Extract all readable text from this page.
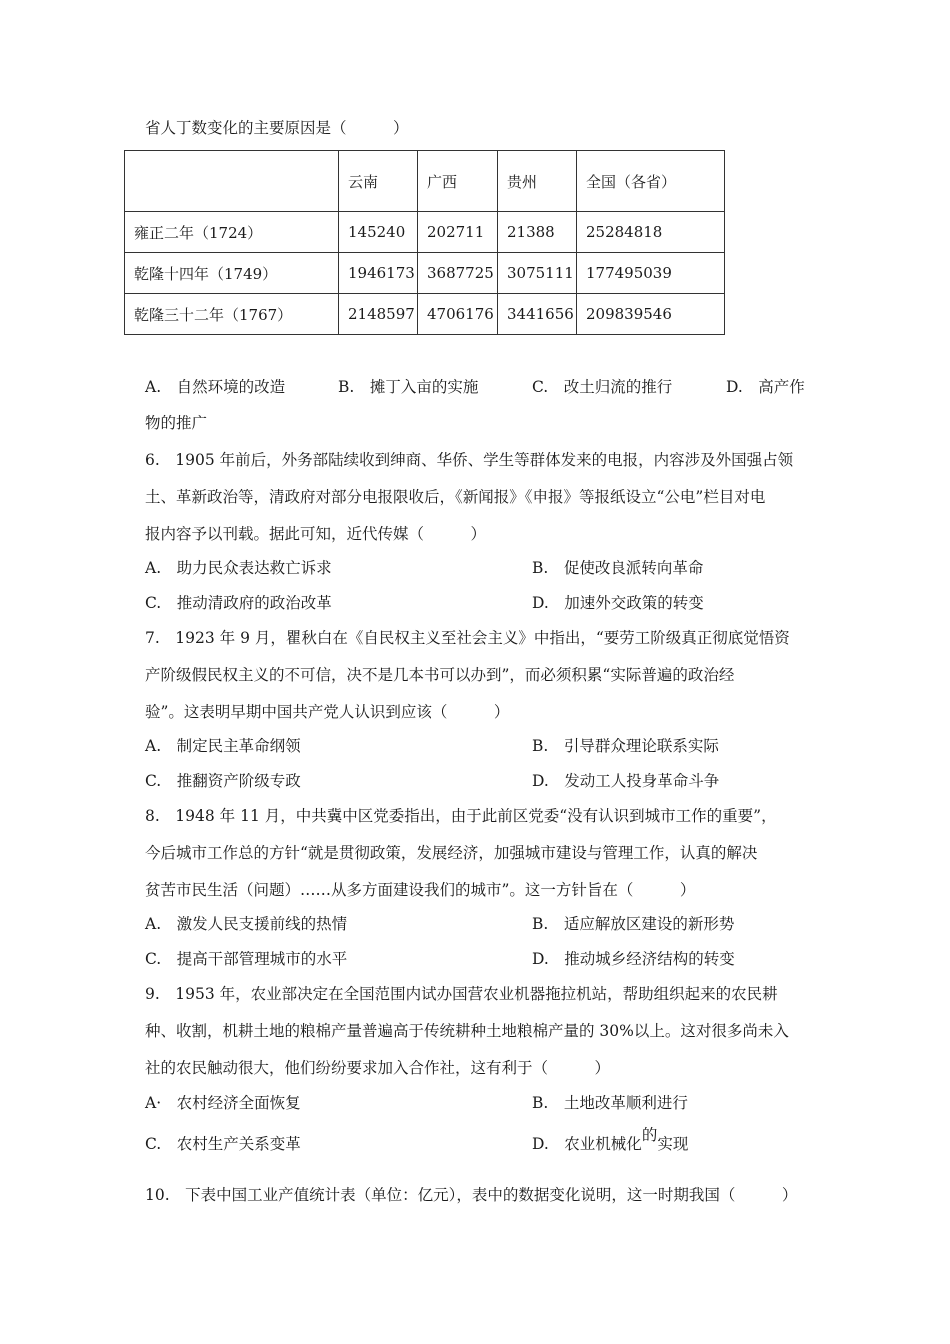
省人丁数变化的主要原因是（　　　）
	云南	广西	贵州	全国（各省）
雍正二年（1724）	145240	202711	21388	25284818
乾隆十四年（1749）	1946173	3687725	3075111	177495039
乾隆三十二年（1767）	2148597	4706176	3441656	209839546
A.　自然环境的改造	B.　摊丁入亩的实施	C.　改土归流的推行	D.　高产作
物的推广
6.　1905 年前后，外务部陆续收到绅商、华侨、学生等群体发来的电报，内容涉及外国强占领
土、革新政治等，清政府对部分电报限收后，《新闻报》《申报》等报纸设立“公电”栏目对电
报内容予以刊载。据此可知，近代传媒（　　　）
A.　助力民众表达救亡诉求	B.　促使改良派转向革命
C.　推动清政府的政治改革	D.　加速外交政策的转变
7.　1923 年 9 月，瞿秋白在《自民权主义至社会主义》中指出，“要劳工阶级真正彻底觉悟资
产阶级假民权主义的不可信，决不是几本书可以办到”，而必须积累“实际普遍的政治经
验”。这表明早期中国共产党人认识到应该（　　　）
A.　制定民主革命纲领	B.　引导群众理论联系实际
C.　推翻资产阶级专政	D.　发动工人投身革命斗争
8.　1948 年 11 月，中共冀中区党委指出，由于此前区党委“没有认识到城市工作的重要”，
今后城市工作总的方针“就是贯彻政策，发展经济，加强城市建设与管理工作，认真的解决
贫苦市民生活（问题）……从多方面建设我们的城市”。这一方针旨在（　　　）
A.　激发人民支援前线的热情	B.　适应解放区建设的新形势
C.　提高干部管理城市的水平	D.　推动城乡经济结构的转变
9.　1953 年，农业部决定在全国范围内试办国营农业机器拖拉机站，帮助组织起来的农民耕
种、收割，机耕土地的粮棉产量普遍高于传统耕种土地粮棉产量的 30%以上。这对很多尚未入
社的农民触动很大，他们纷纷要求加入合作社，这有利于（　　　）
A·　农村经济全面恢复	B.　土地改革顺利进行
C.　农村生产关系变革	D.　农业机械化的实现
10.　下表中国工业产值统计表（单位：亿元），表中的数据变化说明，这一时期我国（　　　）
